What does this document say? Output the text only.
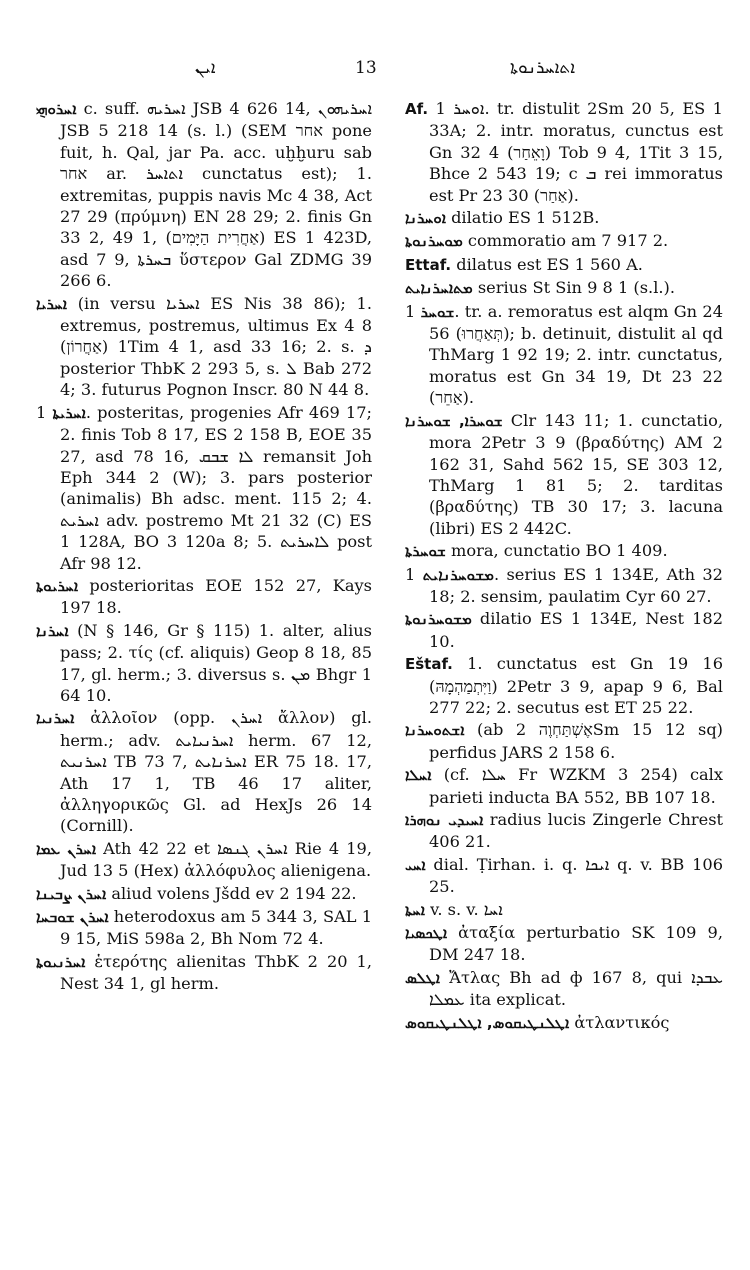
ܐܝܢ	13	ܐܬܐܚܪܢܘܬܐ

ܐܚܪܘܗ݈ܝ c. suff. ܐܚܪܝܗ JSB 4 626 14, ܐܚܪܝܗܘܢ JSB 5 218 14 (s. l.) (SEM אחר pone fuit, h. Qal, jar Pa. acc. uḫḫuru sab ‎אחר‎ ar. ܐܬܐܚܪ cunctatus est); 1. extremitas, puppis navis Mc 4 38, Act 27 29 (πρύμνη) EN 28 29; 2. finis Gn 33 2, 49 1, (אַחֲרִית הַיָּמִים) ES 1 423D, asd 7 9, ܒܚܪܬܐ ὕστερον Gal ZDMG 39 266 6.

ܐܚܪܝܐ (in versu ܐܚܪܝܐ ES Nis 38 86); 1. extremus, postremus, ultimus Ex 4 8 (אַחֲרוֹן) 1Tim 4 1, asd 33 16; 2. s. ܕ posterior ThbK 2 293 5, s. ܠ Bab 272 4; 3. futurus Pognon Inscr. 80 N 44 8.

ܐܚܪܝܬܐ 1. posteritas, progenies Afr 469 17; 2. finis Tob 8 17, ES 2 158 B, EOE 35 27, asd 78 16, ܠܐ ܫܒܩ remansit Joh Eph 344 2 (W); 3. pars posterior (animalis) Bh adsc. ment. 115 2; 4. ܐܚܪܝܬ adv. postremo Mt 21 32 (C) ES 1 128A, BO 3 120a 8; 5. ܠܐܚܪܝܬ post Afr 98 12.

ܐܚܪܝܘܬܐ posterioritas EOE 152 27, Kays 197 18.

ܐܚܪܢܐ (N § 146, Gr § 115) 1. alter, alius pass; 2. τίς (cf. aliquis) Geop 8 18, 85 17, gl. herm.; 3. diversus s. ܡܢ Bhgr 1 64 10.

ܐܚܪܢܝܐ ἀλλοῖον (opp. ܐܚܪܢ ἄλλον) gl. herm.; adv. ܐܚܪܢܝܐܝܬ herm. 67 12, ܐܚܪܢܝܬ TB 73 7, ܐܚܪܢܐܝܬ ER 75 18. 17, Ath 17 1, TB 46 17 aliter, ἀλληγορικῶς Gl. ad HexJs 26 14 (Cornill).

ܐܚܪܢ ܥܡܐ Ath 42 22 et ܐܚܪܢ ܓܢܣܐ Rie 4 19, Jud 13 5 (Hex) ἀλλόφυλος alienigena.

ܐܚܪܢ ܨܒܝܢܐ aliud volens Jšdd ev 2 194 22.

ܐܚܪܢ ܫܘܒܚܐ heterodoxus am 5 344 3, SAL 1 9 15, MiS 598a 2, Bh Nom 72 4.

ܐܚܪܢܝܘܬܐ ἑτερότης alienitas ThbK 2 20 1, Nest 34 1, gl herm.

Af. ܐܘܚܪ 1. tr. distulit 2Sm 20 5, ES 1 33A; 2. intr. moratus, cunctus est Gn 32 4 (וָאֵחַר) Tob 9 4, 1Tit 3 15, Bhce 2 543 19; c ܒ rei immoratus est Pr 23 30 (אַחַר).

ܐܘܚܪܢܐ dilatio ES 1 512B.

ܡܘܚܪܢܘܬܐ commoratio am 7 917 2.

Ettaf. dilatus est ES 1 560 A.

ܡܬܐܚܪܢܐܝܬ serius St Sin 9 8 1 (s.l.).

ܫܘܚܪ 1. tr. a. remoratus est alqm Gn 24 56 (תְּאַחֲרוּ); b. detinuit, distulit al qd ThMarg 1 92 19; 2. intr. cunctatus, moratus est Gn 34 19, Dt 23 22 (אַחֵר).

ܫܘܚܪܐ, ܫܘܚܪܢܐ Clr 143 11; 1. cunctatio, mora 2Petr 3 9 (βραδύτης) AM 2 162 31, Sahd 562 15, SE 303 12, ThMarg 1 81 5; 2. tarditas (βραδύτης) TB 30 17; 3. lacuna (libri) ES 2 442C.

ܫܘܚܪܬܐ mora, cunctatio BO 1 409.

ܡܫܘܚܪܢܐܝܬ 1. serius ES 1 134E, Ath 32 18; 2. sensim, paulatim Cyr 60 27.

ܡܫܘܚܪܢܘܬܐ dilatio ES 1 134E, Nest 182 10.

Eštaf. 1. cunctatus est Gn 19 16 (וַיִּתְמַהְמָהּ) 2Petr 3 9, apap 9 6, Bal 277 22; 2. secutus est ET 25 22.

ܐܫܬܘܚܪܢܐ (ab אֶשְׁתַּחְוֶה 2Sm 15 12 sq) perfidus JARS 2 158 6.

ܐܚܠܐ (cf. ܚܠܐ Fr WZKM 3 254) calx parieti inducta BA 552, BB 107 18.

ܐܚܝܕܝ ܢܘܗܪܐ radius lucis Zingerle Chrest 406 21.

ܐܚܝ dial. Ṭirhan. i. q. ܐܝܟܐ q. v. BB 106 25.

ܐܚܬܐ v. s. v. ܐܚܐ

ܐܛܟܣܝܐ ἀταξία perturbatio SK 109 9, DM 247 18.

ܐܛܠܣ Ἄτλας Bh ad ф 167 8, qui ܥܒܕܐ ܥܡܠܐ ita explicat.

ܐܛܠܢܛܝܩܘܣ, ܐܛܠܢܛܝܩܘܣ ἀτλαντικός
